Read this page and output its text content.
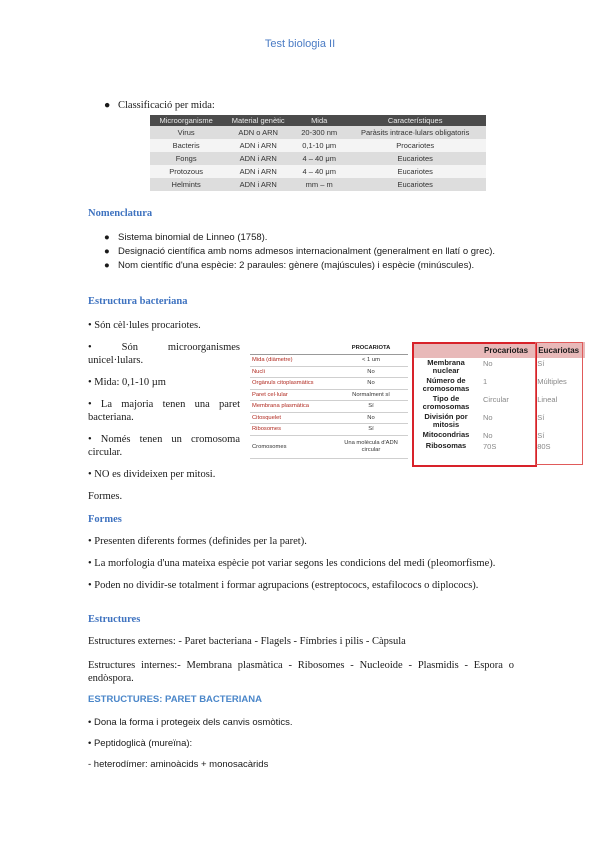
Test biologia II
● Classificació per mida:
Microorganisme	Material genètic	Mida	Característiques
Virus	ADN o ARN	20-300 nm	Paràsits intrace·lulars obligatoris
Bacteris	ADN i ARN	0,1-10 μm	Procariotes
Fongs	ADN i ARN	4 – 40 μm	Eucariotes
Protozous	ADN i ARN	4 – 40 μm	Eucariotes
Helmints	ADN i ARN	mm – m	Eucariotes
Nomenclatura
● Sistema binomial de Linneo (1758).
● Designació científica amb noms admesos internacionalment (generalment en llatí o grec).
● Nom científic d'una espècie: 2 paraules: gènere (majúscules) i espècie (minúscules).
Estructura bacteriana
• Són cèl·lules procariotes.
• Són microorganismes unicel·lulars.
• Mida: 0,1-10 µm
• La majoria tenen una paret bacteriana.
• Només tenen un cromosoma circular.
• NO es divideixen per mitosi.
Formes.
	PROCARIOTA
Mida (diàmetre)	< 1 um
Nucli	No
Orgànuls citoplasmàtics	No
Paret cel·lular	Normalment sí
Membrana plasmàtica	Sí
Citosquelet	No
Ribosomes	Sí
Cromosomes	Una molècula d'ADN circular
	Procariotas	Eucariotas
Membrana nuclear	No	Sí
Número de cromosomas	1	Múltiples
Tipo de cromosomas	Circular	Lineal
División por mitosis	No	Sí
Mitocondrias	No	Sí
Ribosomas	70S	80S
Formes
• Presenten diferents formes (definides per la paret).
• La morfologia d'una mateixa espècie pot variar segons les condicions del medi (pleomorfisme).
• Poden no dividir-se totalment i formar agrupacions (estreptococs, estafilococs o diplococs).
Estructures
Estructures externes: - Paret bacteriana - Flagels - Fímbries i pilis - Càpsula
Estructures internes:- Membrana plasmàtica - Ribosomes - Nucleoide - Plasmidis - Espora o endòspora.
ESTRUCTURES: PARET BACTERIANA
• Dona la forma i protegeix dels canvis osmòtics.
• Peptidoglicà (mureïna):
- heterodímer: aminoàcids + monosacàrids
